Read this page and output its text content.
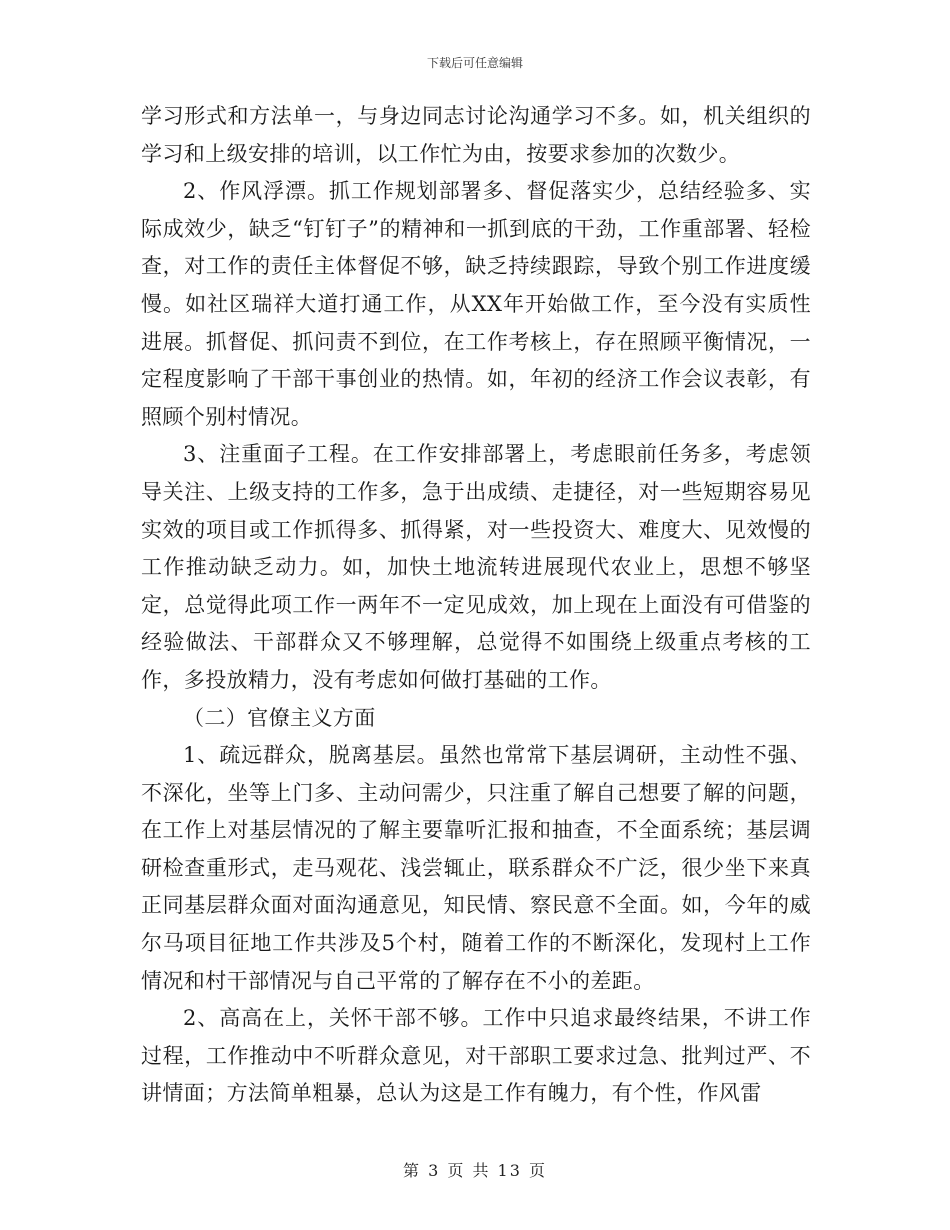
下载后可任意编辑

学习形式和方法单一，与身边同志讨论沟通学习不多。如，机关组织的学习和上级安排的培训，以工作忙为由，按要求参加的次数少。

2、作风浮漂。抓工作规划部署多、督促落实少，总结经验多、实际成效少，缺乏“钉钉子”的精神和一抓到底的干劲，工作重部署、轻检查，对工作的责任主体督促不够，缺乏持续跟踪，导致个别工作进度缓慢。如社区瑞祥大道打通工作，从XX年开始做工作，至今没有实质性进展。抓督促、抓问责不到位，在工作考核上，存在照顾平衡情况，一定程度影响了干部干事创业的热情。如，年初的经济工作会议表彰，有照顾个别村情况。

3、注重面子工程。在工作安排部署上，考虑眼前任务多，考虑领导关注、上级支持的工作多，急于出成绩、走捷径，对一些短期容易见实效的项目或工作抓得多、抓得紧，对一些投资大、难度大、见效慢的工作推动缺乏动力。如，加快土地流转进展现代农业上，思想不够坚定，总觉得此项工作一两年不一定见成效，加上现在上面没有可借鉴的经验做法、干部群众又不够理解，总觉得不如围绕上级重点考核的工作，多投放精力，没有考虑如何做打基础的工作。

（二）官僚主义方面

1、疏远群众，脱离基层。虽然也常常下基层调研，主动性不强、不深化，坐等上门多、主动问需少，只注重了解自己想要了解的问题，在工作上对基层情况的了解主要靠听汇报和抽查，不全面系统；基层调研检查重形式，走马观花、浅尝辄止，联系群众不广泛，很少坐下来真正同基层群众面对面沟通意见，知民情、察民意不全面。如，今年的威尔马项目征地工作共涉及5个村，随着工作的不断深化，发现村上工作情况和村干部情况与自己平常的了解存在不小的差距。

2、高高在上，关怀干部不够。工作中只追求最终结果，不讲工作过程，工作推动中不听群众意见，对干部职工要求过急、批判过严、不讲情面；方法简单粗暴，总认为这是工作有魄力，有个性，作风雷

第 3 页 共 13 页
